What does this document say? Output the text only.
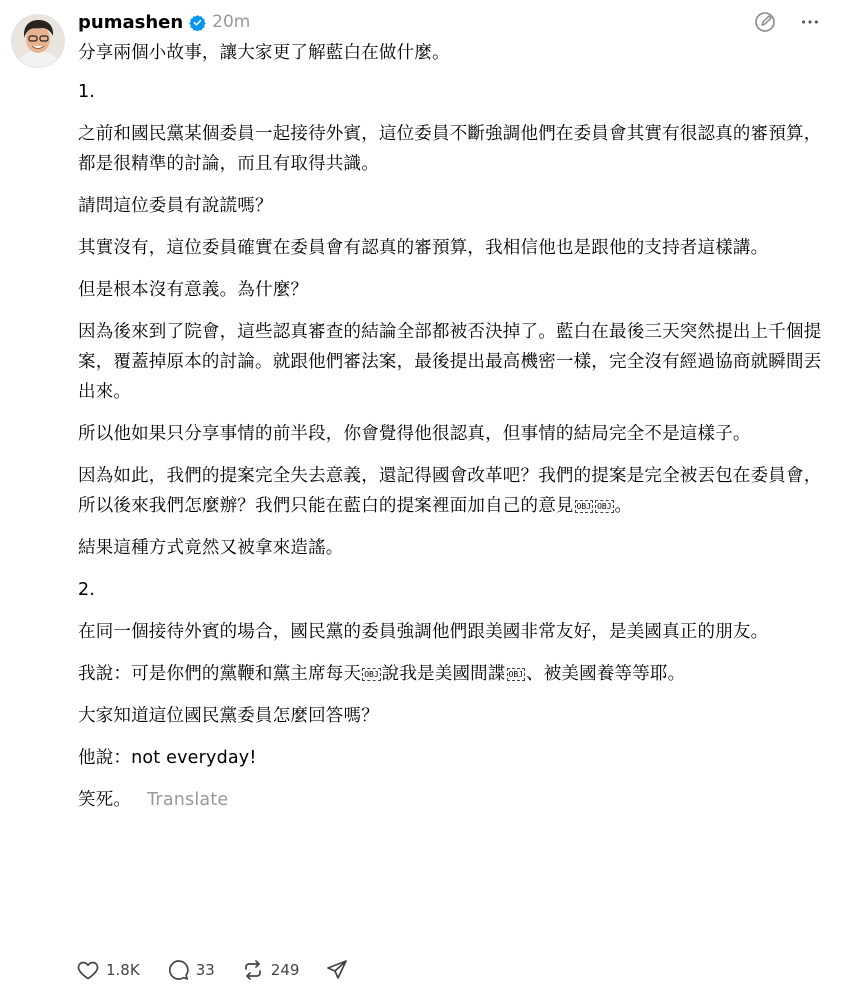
pumashen 20m

分享兩個小故事，讓大家更了解藍白在做什麼。

1.

之前和國民黨某個委員一起接待外賓，這位委員不斷強調他們在委員會其實有很認真的審預算，都是很精準的討論，而且有取得共識。

請問這位委員有說謊嗎？

其實沒有，這位委員確實在委員會有認真的審預算，我相信他也是跟他的支持者這樣講。

但是根本沒有意義。為什麼？

因為後來到了院會，這些認真審查的結論全部都被否決掉了。藍白在最後三天突然提出上千個提案，覆蓋掉原本的討論。就跟他們審法案，最後提出最高機密一樣，完全沒有經過協商就瞬間丟出來。

所以他如果只分享事情的前半段，你會覺得他很認真，但事情的結局完全不是這樣子。

因為如此，我們的提案完全失去意義，還記得國會改革吧？我們的提案是完全被丟包在委員會，所以後來我們怎麼辦？我們只能在藍白的提案裡面加自己的意見 OBJ OBJ 。

結果這種方式竟然又被拿來造謠。

2.

在同一個接待外賓的場合，國民黨的委員強調他們跟美國非常友好，是美國真正的朋友。

我說：可是你們的黨鞭和黨主席每天 OBJ 說我是美國間諜 OBJ 、被美國養等等耶。

大家知道這位國民黨委員怎麼回答嗎？

他說：not everyday!

笑死。 Translate

1.8K	33	249
